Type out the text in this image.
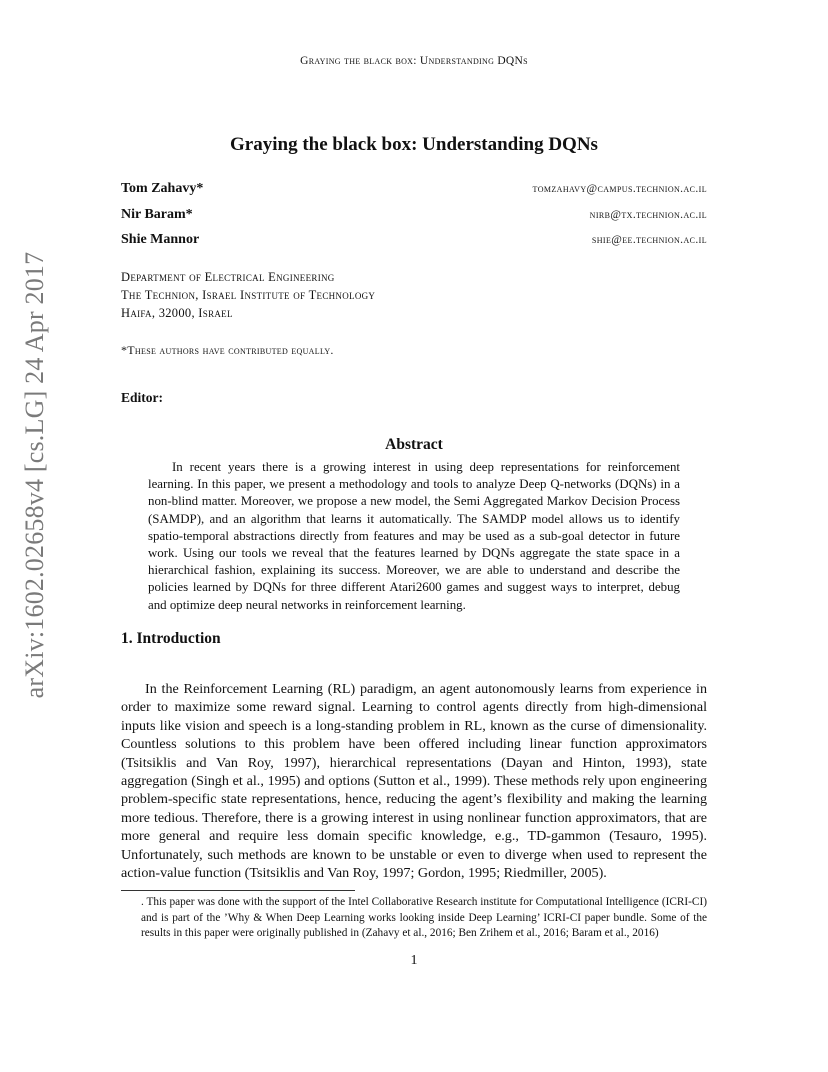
Graying the black box: Understanding DQNs
Graying the black box: Understanding DQNs
Tom Zahavy*	tomzahavy@campus.technion.ac.il
Nir Baram*	nirb@tx.technion.ac.il
Shie Mannor	shie@ee.technion.ac.il
Department of Electrical Engineering
The Technion, Israel Institute of Technology
Haifa, 32000, Israel
*These authors have contributed equally.
Editor:
Abstract
In recent years there is a growing interest in using deep representations for reinforcement learning. In this paper, we present a methodology and tools to analyze Deep Q-networks (DQNs) in a non-blind matter. Moreover, we propose a new model, the Semi Aggregated Markov Decision Process (SAMDP), and an algorithm that learns it automatically. The SAMDP model allows us to identify spatio-temporal abstractions directly from features and may be used as a sub-goal detector in future work. Using our tools we reveal that the features learned by DQNs aggregate the state space in a hierarchical fashion, explaining its success. Moreover, we are able to understand and describe the policies learned by DQNs for three different Atari2600 games and suggest ways to interpret, debug and optimize deep neural networks in reinforcement learning.
1. Introduction
In the Reinforcement Learning (RL) paradigm, an agent autonomously learns from experience in order to maximize some reward signal. Learning to control agents directly from high-dimensional inputs like vision and speech is a long-standing problem in RL, known as the curse of dimensionality. Countless solutions to this problem have been offered including linear function approximators (Tsitsiklis and Van Roy, 1997), hierarchical representations (Dayan and Hinton, 1993), state aggregation (Singh et al., 1995) and options (Sutton et al., 1999). These methods rely upon engineering problem-specific state representations, hence, reducing the agent’s flexibility and making the learning more tedious. Therefore, there is a growing interest in using nonlinear function approximators, that are more general and require less domain specific knowledge, e.g., TD-gammon (Tesauro, 1995). Unfortunately, such methods are known to be unstable or even to diverge when used to represent the action-value function (Tsitsiklis and Van Roy, 1997; Gordon, 1995; Riedmiller, 2005).
. This paper was done with the support of the Intel Collaborative Research institute for Computational Intelligence (ICRI-CI) and is part of the ’Why & When Deep Learning works looking inside Deep Learning’ ICRI-CI paper bundle. Some of the results in this paper were originally published in (Zahavy et al., 2016; Ben Zrihem et al., 2016; Baram et al., 2016)
1
arXiv:1602.02658v4 [cs.LG] 24 Apr 2017
